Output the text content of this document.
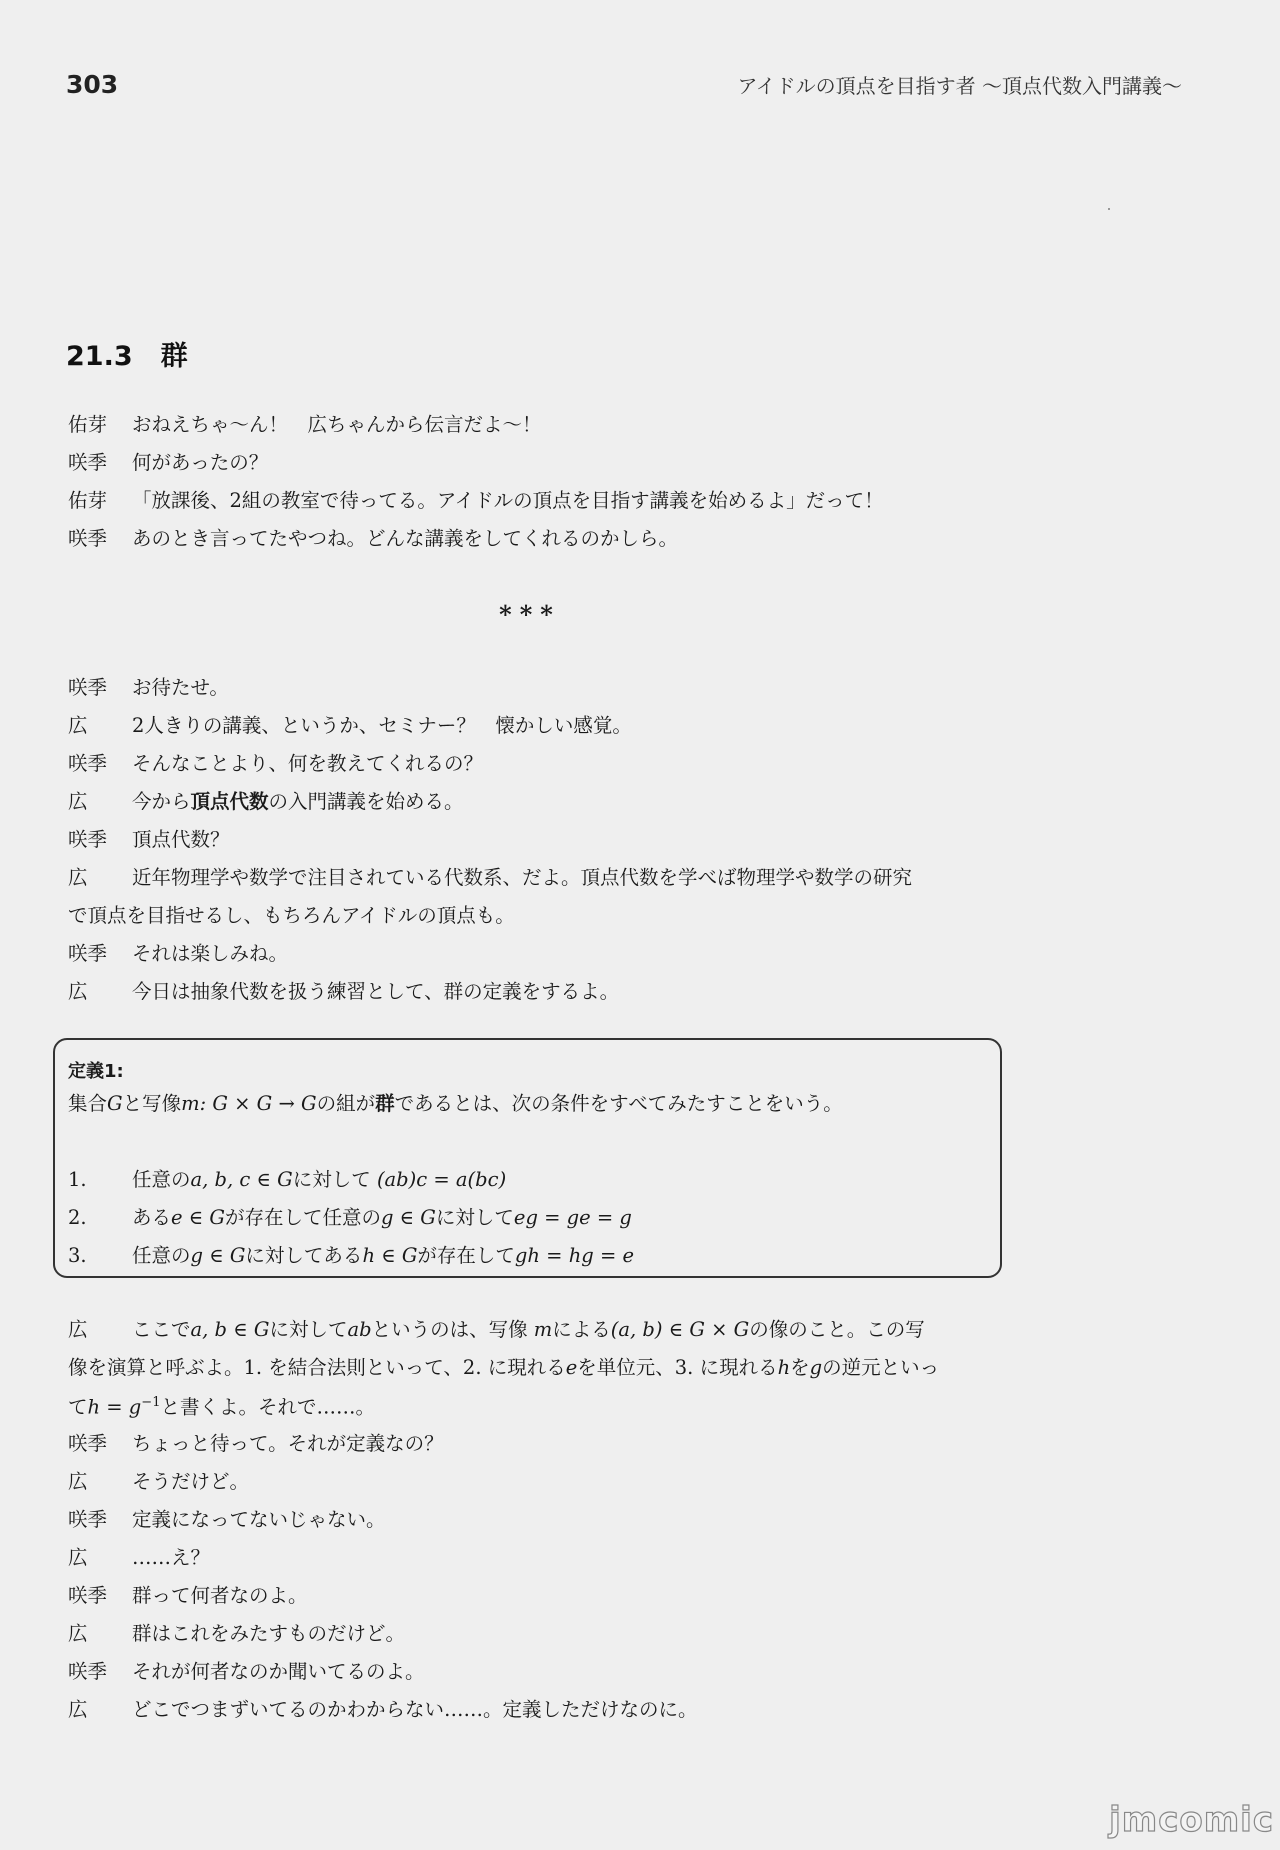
303	アイドルの頂点を目指す者 〜頂点代数入門講義〜
21.3 群
佑芽 おねえちゃ〜ん！　広ちゃんから伝言だよ〜！
咲季 何があったの？
佑芽 「放課後、2組の教室で待ってる。アイドルの頂点を目指す講義を始めるよ」だって！
咲季 あのとき言ってたやつね。どんな講義をしてくれるのかしら。
***
咲季 お待たせ。
広 2人きりの講義、というか、セミナー？　懐かしい感覚。
咲季 そんなことより、何を教えてくれるの？
広 今から頂点代数の入門講義を始める。
咲季 頂点代数？
広 近年物理学や数学で注目されている代数系、だよ。頂点代数を学べば物理学や数学の研究
で頂点を目指せるし、もちろんアイドルの頂点も。
咲季 それは楽しみね。
広 今日は抽象代数を扱う練習として、群の定義をするよ。
定義1:
集合Gと写像m: G × G → Gの組が群であるとは、次の条件をすべてみたすことをいう。
1. 任意のa, b, c ∈ Gに対して (ab)c = a(bc)
2. あるe ∈ Gが存在して任意のg ∈ Gに対してeg = ge = g
3. 任意のg ∈ Gに対してあるh ∈ Gが存在してgh = hg = e
広 ここでa, b ∈ Gに対してabというのは、写像 mによる(a, b) ∈ G × Gの像のこと。この写
像を演算と呼ぶよ。1. を結合法則といって、2. に現れるeを単位元、3. に現れるhをgの逆元といっ
て$h = g^{-1}$と書くよ。それで……。
咲季 ちょっと待って。それが定義なの？
広 そうだけど。
咲季 定義になってないじゃない。
広 ……え？
咲季 群って何者なのよ。
広 群はこれをみたすものだけど。
咲季 それが何者なのか聞いてるのよ。
広 どこでつまずいてるのかわからない……。定義しただけなのに。
jmcomic
